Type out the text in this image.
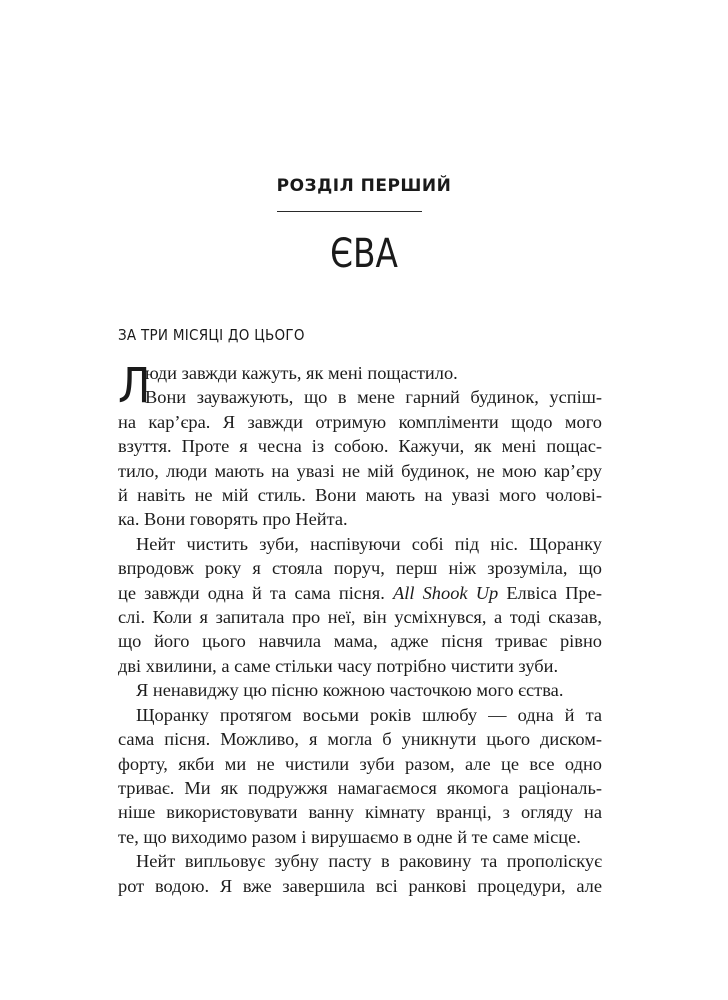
РОЗДІЛ ПЕРШИЙ
ЄВА
ЗА ТРИ МІСЯЦІ ДО ЦЬОГО
Л
юди завжди кажуть, як мені пощастило.
Вони зауважують, що в мене гарний будинок, успіш-
на кар’єра. Я завжди отримую компліменти щодо мого
взуття. Проте я чесна із собою. Кажучи, як мені пощас-
тило, люди мають на увазі не мій будинок, не мою кар’єру
й навіть не мій стиль. Вони мають на увазі мого чолові-
ка. Вони говорять про Нейта.
Нейт чистить зуби, наспівуючи собі під ніс. Щоранку
впродовж року я стояла поруч, перш ніж зрозуміла, що
це завжди одна й та сама пісня. All Shook Up Елвіса Пре-
слі. Коли я запитала про неї, він усміхнувся, а тоді сказав,
що його цього навчила мама, адже пісня триває рівно
дві хвилини, а саме стільки часу потрібно чистити зуби.
Я ненавиджу цю пісню кожною часточкою мого єства.
Щоранку протягом восьми років шлюбу — одна й та
сама пісня. Можливо, я могла б уникнути цього диском-
форту, якби ми не чистили зуби разом, але це все одно
триває. Ми як подружжя намагаємося якомога раціональ-
ніше використовувати ванну кімнату вранці, з огляду на
те, що виходимо разом і вирушаємо в одне й те саме місце.
Нейт випльовує зубну пасту в раковину та прополіскує
рот водою. Я вже завершила всі ранкові процедури, але
